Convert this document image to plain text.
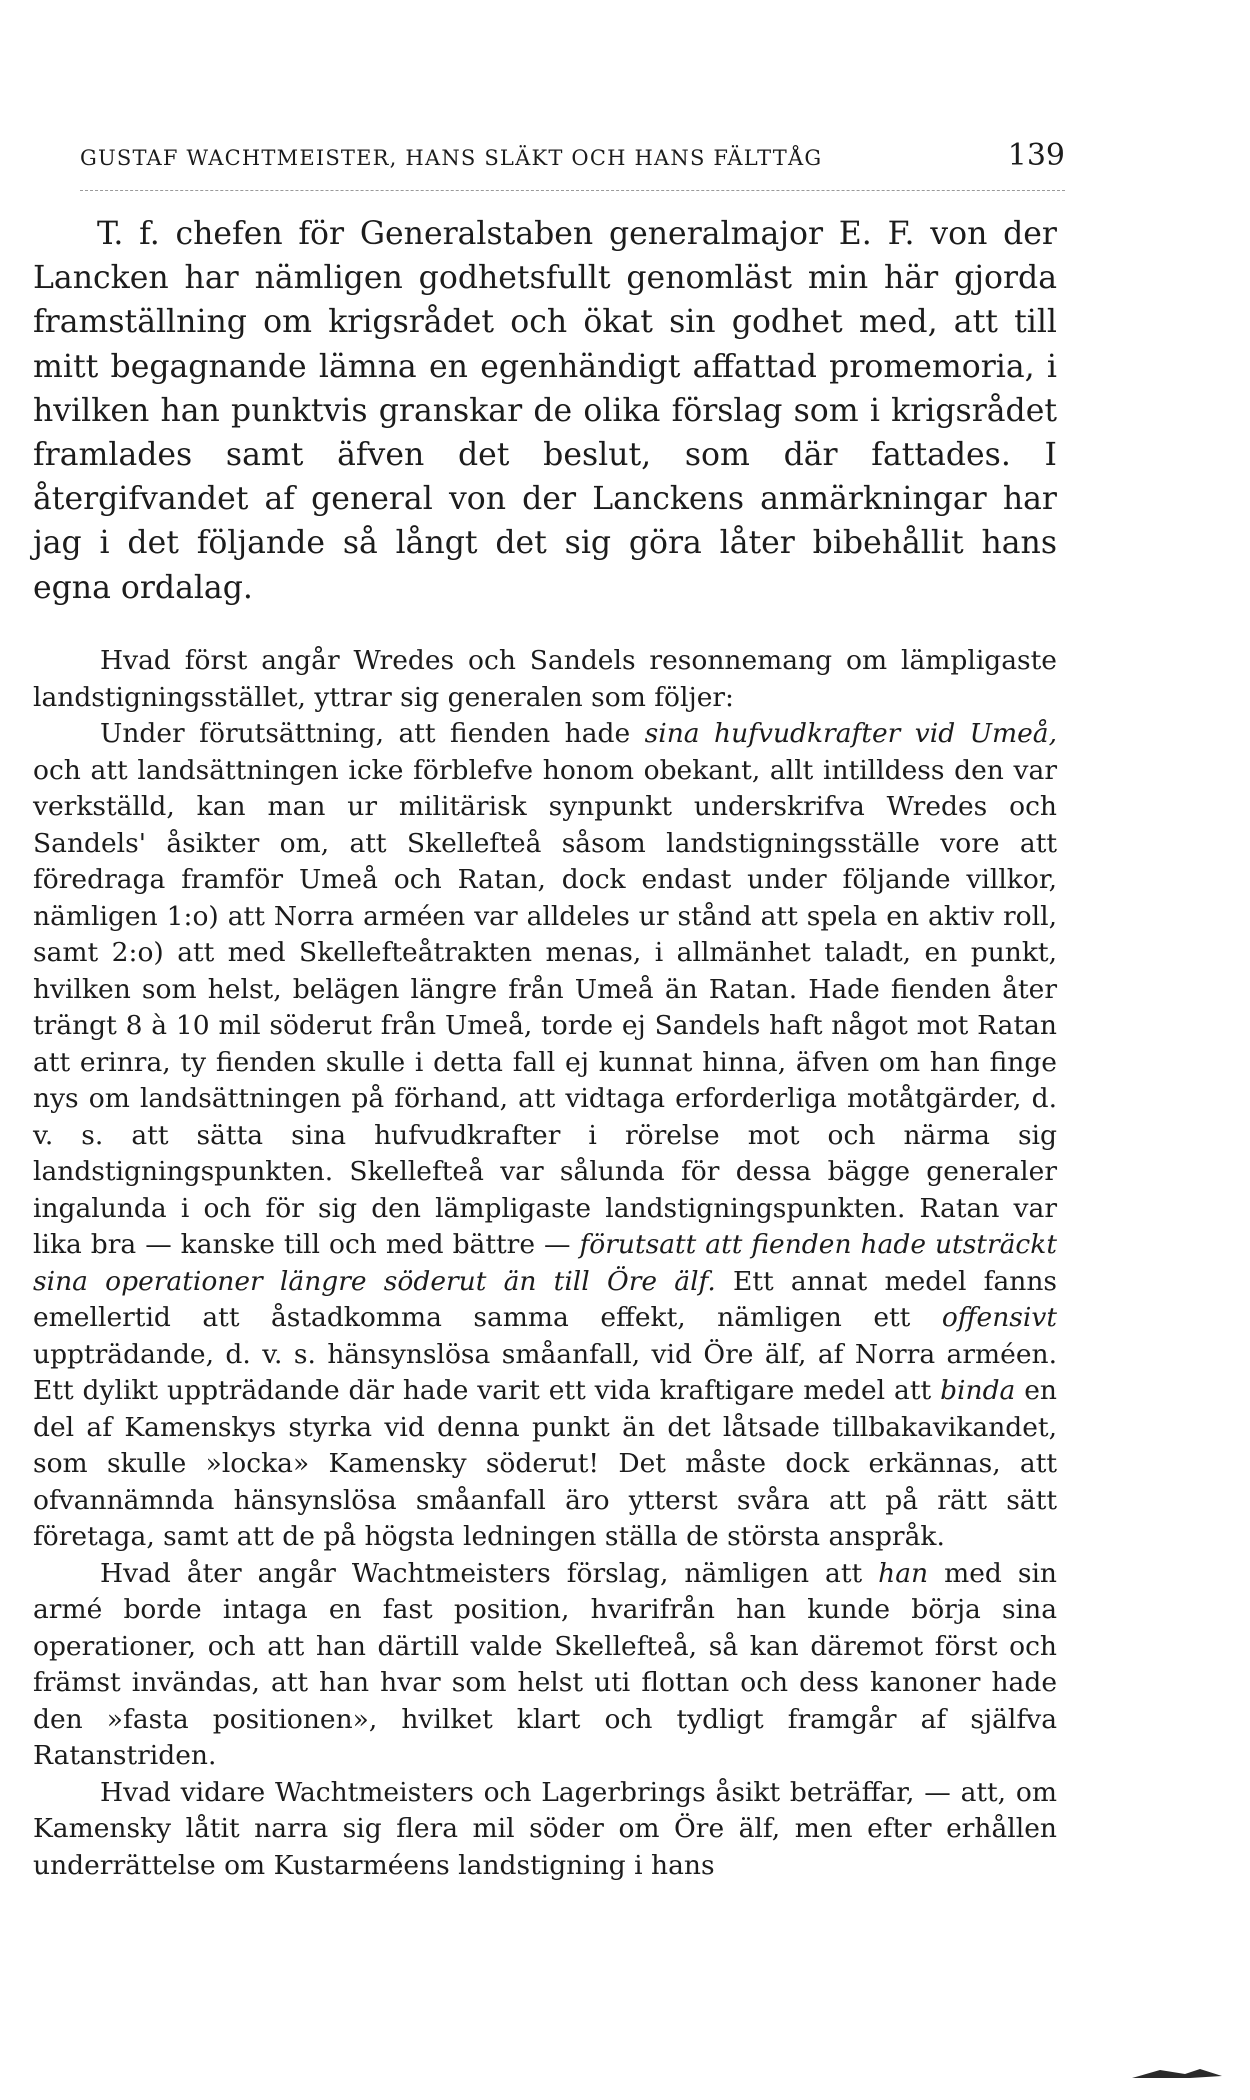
GUSTAF WACHTMEISTER, HANS SLÄKT OCH HANS FÄLTTÅG	139

T. f. chefen för Generalstaben generalmajor E. F. von der Lancken har nämligen godhetsfullt genomläst min här gjorda framställning om krigsrådet och ökat sin godhet med, att till mitt begagnande lämna en egenhändigt affattad promemoria, i hvilken han punktvis granskar de olika förslag som i krigsrådet framlades samt äfven det beslut, som där fattades. I återgifvandet af general von der Lanckens anmärkningar har jag i det följande så långt det sig göra låter bibehållit hans egna ordalag.

Hvad först angår Wredes och Sandels resonnemang om lämpligaste landstigningsstället, yttrar sig generalen som följer:

Under förutsättning, att fienden hade sina hufvudkrafter vid Umeå, och att landsättningen icke förblefve honom obekant, allt intilldess den var verkställd, kan man ur militärisk synpunkt underskrifva Wredes och Sandels' åsikter om, att Skellefteå såsom landstigningsställe vore att föredraga framför Umeå och Ratan, dock endast under följande villkor, nämligen 1:o) att Norra arméen var alldeles ur stånd att spela en aktiv roll, samt 2:o) att med Skellefteåtrakten menas, i allmänhet taladt, en punkt, hvilken som helst, belägen längre från Umeå än Ratan. Hade fienden åter trängt 8 à 10 mil söderut från Umeå, torde ej Sandels haft något mot Ratan att erinra, ty fienden skulle i detta fall ej kunnat hinna, äfven om han finge nys om landsättningen på förhand, att vidtaga erforderliga motåtgärder, d. v. s. att sätta sina hufvudkrafter i rörelse mot och närma sig landstigningspunkten. Skellefteå var sålunda för dessa bägge generaler ingalunda i och för sig den lämpligaste landstigningspunkten. Ratan var lika bra — kanske till och med bättre — förutsatt att fienden hade utsträckt sina operationer längre söderut än till Öre älf. Ett annat medel fanns emellertid att åstadkomma samma effekt, nämligen ett offensivt uppträdande, d. v. s. hänsynslösa småanfall, vid Öre älf, af Norra arméen. Ett dylikt uppträdande där hade varit ett vida kraftigare medel att binda en del af Kamenskys styrka vid denna punkt än det låtsade tillbakavikandet, som skulle »locka» Kamensky söderut! Det måste dock erkännas, att ofvannämnda hänsynslösa småanfall äro ytterst svåra att på rätt sätt företaga, samt att de på högsta ledningen ställa de största anspråk.

Hvad åter angår Wachtmeisters förslag, nämligen att han med sin armé borde intaga en fast position, hvarifrån han kunde börja sina operationer, och att han därtill valde Skellefteå, så kan däremot först och främst invändas, att han hvar som helst uti flottan och dess kanoner hade den »fasta positionen», hvilket klart och tydligt framgår af själfva Ratanstriden.

Hvad vidare Wachtmeisters och Lagerbrings åsikt beträffar, — att, om Kamensky låtit narra sig flera mil söder om Öre älf, men efter erhållen underrättelse om Kustarméens landstigning i hans
